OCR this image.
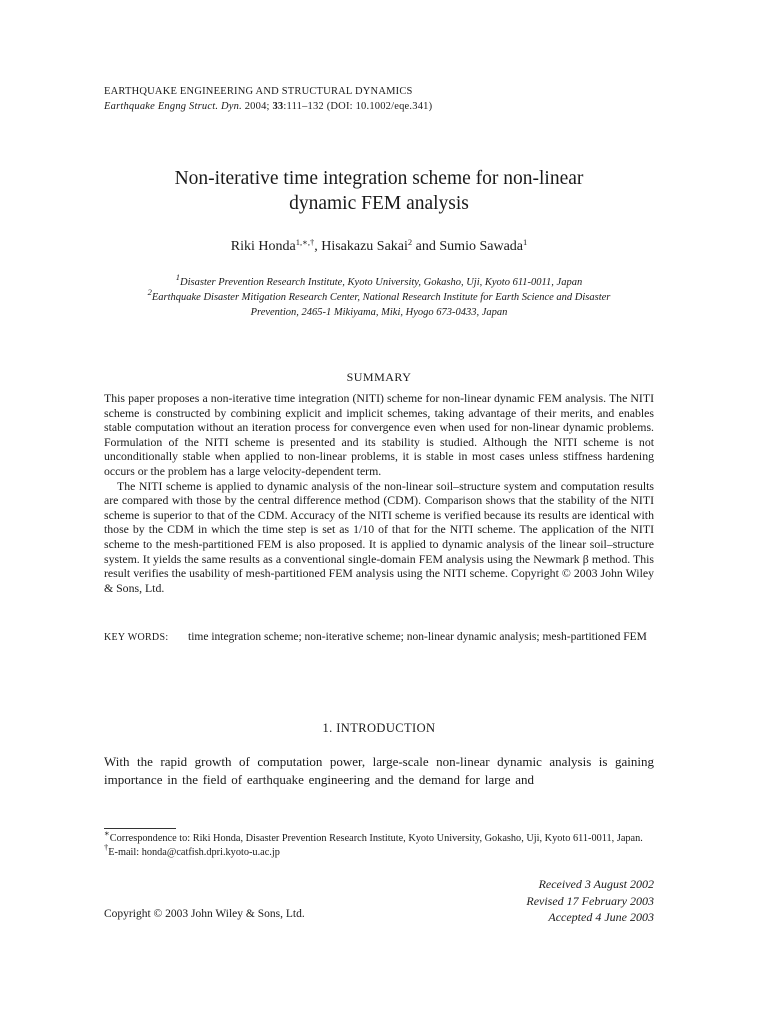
EARTHQUAKE ENGINEERING AND STRUCTURAL DYNAMICS
Earthquake Engng Struct. Dyn. 2004; 33:111–132 (DOI: 10.1002/eqe.341)
Non-iterative time integration scheme for non-linear
dynamic FEM analysis
Riki Honda$^{1,∗,\dagger}$, Hisakazu Sakai$^2$ and Sumio Sawada$^1$
$^1$Disaster Prevention Research Institute, Kyoto University, Gokasho, Uji, Kyoto 611-0011, Japan
$^2$Earthquake Disaster Mitigation Research Center, National Research Institute for Earth Science and Disaster
Prevention, 2465-1 Mikiyama, Miki, Hyogo 673-0433, Japan
SUMMARY

This paper proposes a non-iterative time integration (NITI) scheme for non-linear dynamic FEM analysis. The NITI scheme is constructed by combining explicit and implicit schemes, taking advantage of their merits, and enables stable computation without an iteration process for convergence even when used for non-linear dynamic problems. Formulation of the NITI scheme is presented and its stability is studied. Although the NITI scheme is not unconditionally stable when applied to non-linear problems, it is stable in most cases unless stiffness hardening occurs or the problem has a large velocity-dependent term.

The NITI scheme is applied to dynamic analysis of the non-linear soil–structure system and computation results are compared with those by the central difference method (CDM). Comparison shows that the stability of the NITI scheme is superior to that of the CDM. Accuracy of the NITI scheme is verified because its results are identical with those by the CDM in which the time step is set as 1/10 of that for the NITI scheme. The application of the NITI scheme to the mesh-partitioned FEM is also proposed. It is applied to dynamic analysis of the linear soil–structure system. It yields the same results as a conventional single-domain FEM analysis using the Newmark β method. This result verifies the usability of mesh-partitioned FEM analysis using the NITI scheme. Copyright © 2003 John Wiley & Sons, Ltd.

KEY WORDS:	time integration scheme; non-iterative scheme; non-linear dynamic analysis; mesh-partitioned FEM
1. INTRODUCTION
With the rapid growth of computation power, large-scale non-linear dynamic analysis is gaining importance in the field of earthquake engineering and the demand for large and

∗Correspondence to: Riki Honda, Disaster Prevention Research Institute, Kyoto University, Gokasho, Uji, Kyoto 611-0011, Japan.

†E-mail: honda@catfish.dpri.kyoto-u.ac.jp

Received 3 August 2002
Revised 17 February 2003
Accepted 4 June 2003
Copyright © 2003 John Wiley & Sons, Ltd.
